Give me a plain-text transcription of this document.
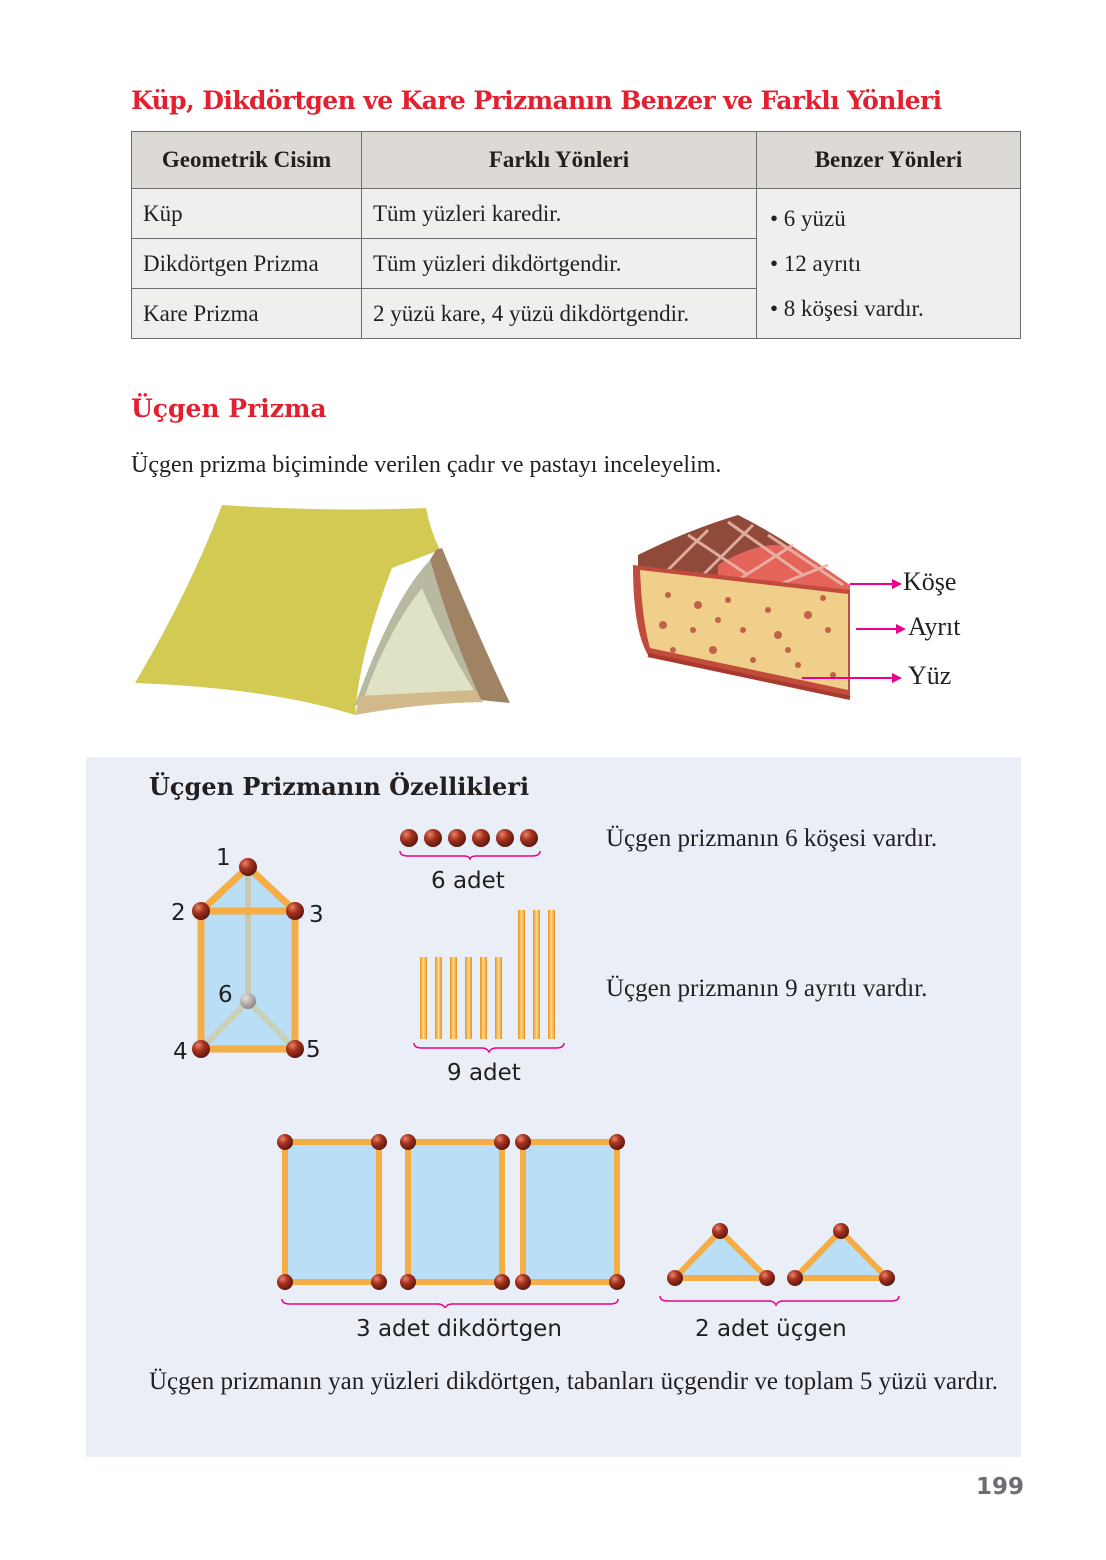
Küp, Dikdörtgen ve Kare Prizmanın Benzer ve Farklı Yönleri
Geometrik Cisim	Farklı Yönleri	Benzer Yönleri
Küp	Tüm yüzleri karedir.	• 6 yüzü
• 12 ayrıtı
• 8 köşesi vardır.

Dikdörtgen Prizma	Tüm yüzleri dikdörtgendir.	
Kare Prizma	2 yüzü kare, 4 yüzü dikdörtgendir.	
Üçgen Prizma
Üçgen prizma biçiminde verilen çadır ve pastayı inceleyelim.
Köşe
Ayrıt
Yüz
Üçgen Prizmanın Özellikleri
1
2	3
4	5
6
6 adet
9 adet
Üçgen prizmanın 6 köşesi vardır.
Üçgen prizmanın 9 ayrıtı vardır.
3 adet dikdörtgen	2 adet üçgen
Üçgen prizmanın yan yüzleri dikdörtgen, tabanları üçgendir ve toplam 5 yüzü vardır.
199
